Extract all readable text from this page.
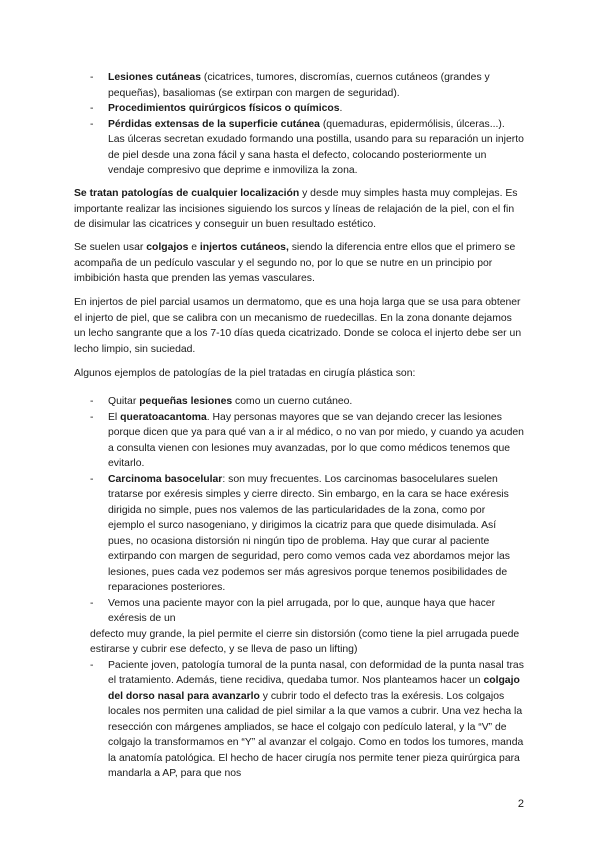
- Lesiones cutáneas (cicatrices, tumores, discromías, cuernos cutáneos (grandes y pequeñas), basaliomas (se extirpan con margen de seguridad).
- Procedimientos quirúrgicos físicos o químicos.
- Pérdidas extensas de la superficie cutánea (quemaduras, epidermólisis, úlceras...). Las úlceras secretan exudado formando una postilla, usando para su reparación un injerto de piel desde una zona fácil y sana hasta el defecto, colocando posteriormente un vendaje compresivo que deprime e inmoviliza la zona.

Se tratan patologías de cualquier localización y desde muy simples hasta muy complejas. Es importante realizar las incisiones siguiendo los surcos y líneas de relajación de la piel, con el fin de disimular las cicatrices y conseguir un buen resultado estético.

Se suelen usar colgajos e injertos cutáneos, siendo la diferencia entre ellos que el primero se acompaña de un pedículo vascular y el segundo no, por lo que se nutre en un principio por imbibición hasta que prenden las yemas vasculares.

En injertos de piel parcial usamos un dermatomo, que es una hoja larga que se usa para obtener el injerto de piel, que se calibra con un mecanismo de ruedecillas. En la zona donante dejamos un lecho sangrante que a los 7-10 días queda cicatrizado. Donde se coloca el injerto debe ser un lecho limpio, sin suciedad.

Algunos ejemplos de patologías de la piel tratadas en cirugía plástica son:

- Quitar pequeñas lesiones como un cuerno cutáneo.
- El queratoacantoma. Hay personas mayores que se van dejando crecer las lesiones porque dicen que ya para qué van a ir al médico, o no van por miedo, y cuando ya acuden a consulta vienen con lesiones muy avanzadas, por lo que como médicos tenemos que evitarlo.
- Carcinoma basocelular: son muy frecuentes. Los carcinomas basocelulares suelen tratarse por exéresis simples y cierre directo. Sin embargo, en la cara se hace exéresis dirigida no simple, pues nos valemos de las particularidades de la zona, como por ejemplo el surco nasogeniano, y dirigimos la cicatriz para que quede disimulada. Así pues, no ocasiona distorsión ni ningún tipo de problema. Hay que curar al paciente extirpando con margen de seguridad, pero como vemos cada vez abordamos mejor las lesiones, pues cada vez podemos ser más agresivos porque tenemos posibilidades de reparaciones posteriores.
- Vemos una paciente mayor con la piel arrugada, por lo que, aunque haya que hacer exéresis de un

defecto muy grande, la piel permite el cierre sin distorsión (como tiene la piel arrugada puede estirarse y cubrir ese defecto, y se lleva de paso un lifting)
- Paciente joven, patología tumoral de la punta nasal, con deformidad de la punta nasal tras el tratamiento. Además, tiene recidiva, quedaba tumor. Nos planteamos hacer un colgajo del dorso nasal para avanzarlo y cubrir todo el defecto tras la exéresis. Los colgajos locales nos permiten una calidad de piel similar a la que vamos a cubrir. Una vez hecha la resección con márgenes ampliados, se hace el colgajo con pedículo lateral, y la “V” de colgajo la transformamos en “Y” al avanzar el colgajo. Como en todos los tumores, manda la anatomía patológica. El hecho de hacer cirugía nos permite tener pieza quirúrgica para mandarla a AP, para que nos
2
